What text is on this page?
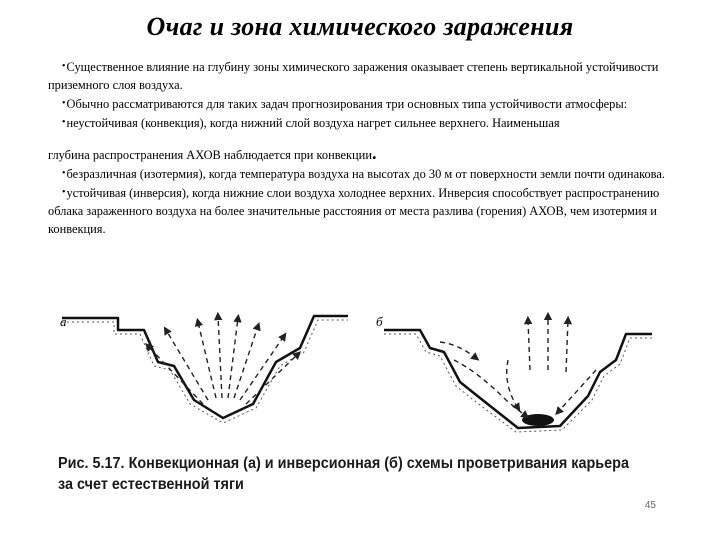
Очаг и зона химического заражения

•Существенное влияние на глубину зоны химического заражения оказывает степень вертикальной устойчивости приземного слоя воздуха.

•Обычно рассматриваются для таких задач прогнозирования три основных типа устойчивости атмосферы:

•неустойчивая (конвекция), когда нижний слой воздуха нагрет сильнее верхнего. Наименьшая

глубина распространения АХОВ наблюдается при конвекции.

•безразличная (изотермия), когда температура воздуха на высотах до 30 м от поверхности земли почти одинакова.

•устойчивая (инверсия), когда нижние слои воздуха холоднее верхних. Инверсия способствует распространению облака зараженного воздуха на более значительные расстояния от места разлива (горения) АХОВ, чем изотермия и конвекция.

а	б
Рис. 5.17. Конвекционная (а) и инверсионная (б) схемы проветривания карьера за счет естественной тяги
45
